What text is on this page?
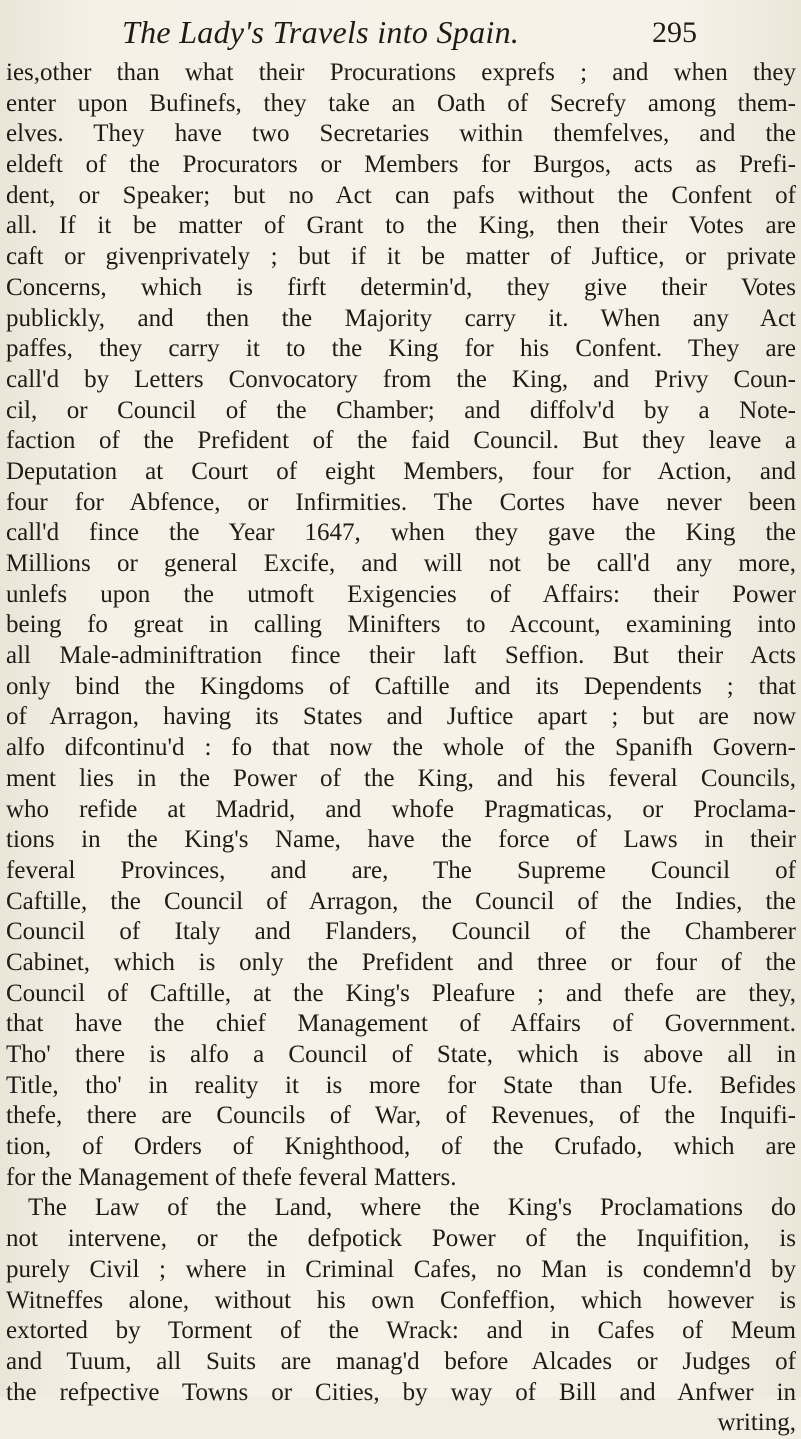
The Lady's Travels into Spain.	295
ies,other than what their Procurations exprefs ; and when they
enter upon Bufinefs, they take an Oath of Secrefy among them-
elves. They have two Secretaries within themfelves, and the
eldeft of the Procurators or Members for Burgos, acts as Prefi-
dent, or Speaker; but no Act can pafs without the Confent of
all. If it be matter of Grant to the King, then their Votes are
caft or givenprivately ; but if it be matter of Juftice, or private
Concerns, which is firft determin'd, they give their Votes
publickly, and then the Majority carry it. When any Act
paffes, they carry it to the King for his Confent. They are
call'd by Letters Convocatory from the King, and Privy Coun-
cil, or Council of the Chamber; and diffolv'd by a Note-
faction of the Prefident of the faid Council. But they leave a
Deputation at Court of eight Members, four for Action, and
four for Abfence, or Infirmities. The Cortes have never been
call'd fince the Year 1647, when they gave the King the
Millions or general Excife, and will not be call'd any more,
unlefs upon the utmoft Exigencies of Affairs: their Power
being fo great in calling Minifters to Account, examining into
all Male-adminiftration fince their laft Seffion. But their Acts
only bind the Kingdoms of Caftille and its Dependents ; that
of Arragon, having its States and Juftice apart ; but are now
alfo difcontinu'd : fo that now the whole of the Spanifh Govern-
ment lies in the Power of the King, and his feveral Councils,
who refide at Madrid, and whofe Pragmaticas, or Proclama-
tions in the King's Name, have the force of Laws in their
feveral Provinces, and are, The Supreme Council of
Caftille, the Council of Arragon, the Council of the Indies, the
Council of Italy and Flanders, Council of the Chamberer
Cabinet, which is only the Prefident and three or four of the
Council of Caftille, at the King's Pleafure ; and thefe are they,
that have the chief Management of Affairs of Government.
Tho' there is alfo a Council of State, which is above all in
Title, tho' in reality it is more for State than Ufe. Befides
thefe, there are Councils of War, of Revenues, of the Inquifi-
tion, of Orders of Knighthood, of the Crufado, which are
for the Management of thefe feveral Matters.
The Law of the Land, where the King's Proclamations do
not intervene, or the defpotick Power of the Inquifition, is
purely Civil ; where in Criminal Cafes, no Man is condemn'd by
Witneffes alone, without his own Confeffion, which however is
extorted by Torment of the Wrack: and in Cafes of Meum
and Tuum, all Suits are manag'd before Alcades or Judges of
the refpective Towns or Cities, by way of Bill and Anfwer in
writing,
